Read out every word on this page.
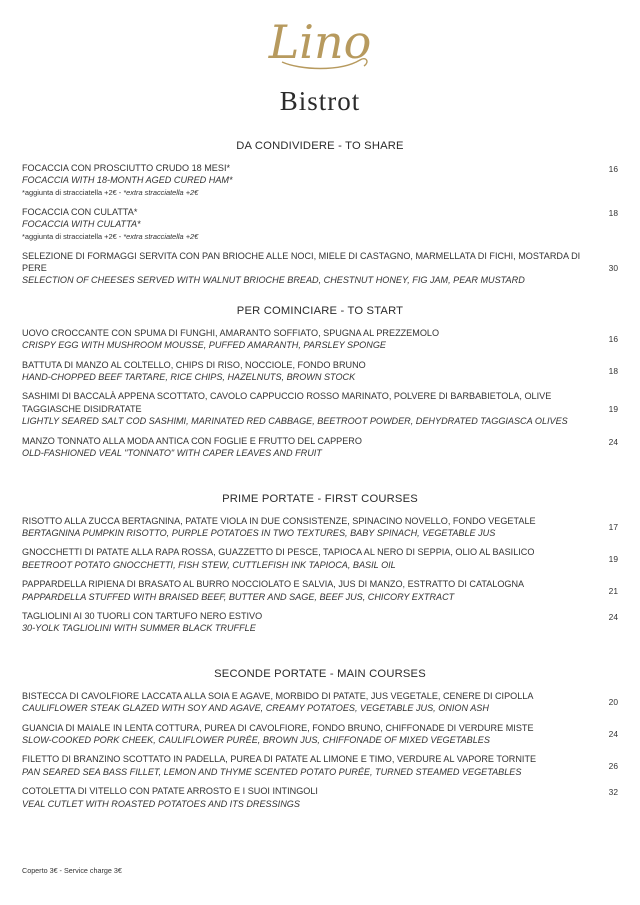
Lino
Bistrot
DA CONDIVIDERE - TO SHARE
FOCACCIA CON PROSCIUTTO CRUDO 18 MESI*
FOCACCIA WITH 18-MONTH AGED CURED HAM*
*aggiunta di stracciatella +2€ - *extra stracciatella +2€
16
FOCACCIA CON CULATTA*
FOCACCIA WITH CULATTA*
*aggiunta di stracciatella +2€ - *extra stracciatella +2€
18
SELEZIONE DI FORMAGGI SERVITA CON PAN BRIOCHE ALLE NOCI, MIELE DI CASTAGNO, MARMELLATA DI FICHI, MOSTARDA DI PERE
SELECTION OF CHEESES SERVED WITH WALNUT BRIOCHE BREAD, CHESTNUT HONEY, FIG JAM, PEAR MUSTARD
30
PER COMINCIARE - TO START
UOVO CROCCANTE CON SPUMA DI FUNGHI, AMARANTO SOFFIATO, SPUGNA AL PREZZEMOLO
CRISPY EGG WITH MUSHROOM MOUSSE, PUFFED AMARANTH, PARSLEY SPONGE
16
BATTUTA DI MANZO AL COLTELLO, CHIPS DI RISO, NOCCIOLE, FONDO BRUNO
HAND-CHOPPED BEEF TARTARE, RICE CHIPS, HAZELNUTS, BROWN STOCK
18
SASHIMI DI BACCALÀ APPENA SCOTTATO, CAVOLO CAPPUCCIO ROSSO MARINATO, POLVERE DI BARBABIETOLA, OLIVE TAGGIASCHE DISIDRATATE
LIGHTLY SEARED SALT COD SASHIMI, MARINATED RED CABBAGE, BEETROOT POWDER, DEHYDRATED TAGGIASCA OLIVES
19
MANZO TONNATO ALLA MODA ANTICA CON FOGLIE E FRUTTO DEL CAPPERO
OLD-FASHIONED VEAL "TONNATO" WITH CAPER LEAVES AND FRUIT
24
PRIME PORTATE - FIRST COURSES
RISOTTO ALLA ZUCCA BERTAGNINA, PATATE VIOLA IN DUE CONSISTENZE, SPINACINO NOVELLO, FONDO VEGETALE
BERTAGNINA PUMPKIN RISOTTO, PURPLE POTATOES IN TWO TEXTURES, BABY SPINACH, VEGETABLE JUS
17
GNOCCHETTI DI PATATE ALLA RAPA ROSSA, GUAZZETTO DI PESCE, TAPIOCA AL NERO DI SEPPIA, OLIO AL BASILICO
BEETROOT POTATO GNOCCHETTI, FISH STEW, CUTTLEFISH INK TAPIOCA, BASIL OIL
19
PAPPARDELLA RIPIENA DI BRASATO AL BURRO NOCCIOLATO E SALVIA, JUS DI MANZO, ESTRATTO DI CATALOGNA
PAPPARDELLA STUFFED WITH BRAISED BEEF, BUTTER AND SAGE, BEEF JUS, CHICORY EXTRACT
21
TAGLIOLINI AI 30 TUORLI CON TARTUFO NERO ESTIVO
30-YOLK TAGLIOLINI WITH SUMMER BLACK TRUFFLE
24
SECONDE PORTATE - MAIN COURSES
BISTECCA DI CAVOLFIORE LACCATA ALLA SOIA E AGAVE, MORBIDO DI PATATE, JUS VEGETALE, CENERE DI CIPOLLA
CAULIFLOWER STEAK GLAZED WITH SOY AND AGAVE, CREAMY POTATOES, VEGETABLE JUS, ONION ASH
20
GUANCIA DI MAIALE IN LENTA COTTURA, PUREA DI CAVOLFIORE, FONDO BRUNO, CHIFFONADE DI VERDURE MISTE
SLOW-COOKED PORK CHEEK, CAULIFLOWER PURÉE, BROWN JUS, CHIFFONADE OF MIXED VEGETABLES
24
FILETTO DI BRANZINO SCOTTATO IN PADELLA, PUREA DI PATATE AL LIMONE E TIMO, VERDURE AL VAPORE TORNITE
PAN SEARED SEA BASS FILLET, LEMON AND THYME SCENTED POTATO PURÉE, TURNED STEAMED VEGETABLES
26
COTOLETTA DI VITELLO CON PATATE ARROSTO E I SUOI INTINGOLI
VEAL CUTLET WITH ROASTED POTATOES AND ITS DRESSINGS
32
Coperto 3€ - Service charge 3€
